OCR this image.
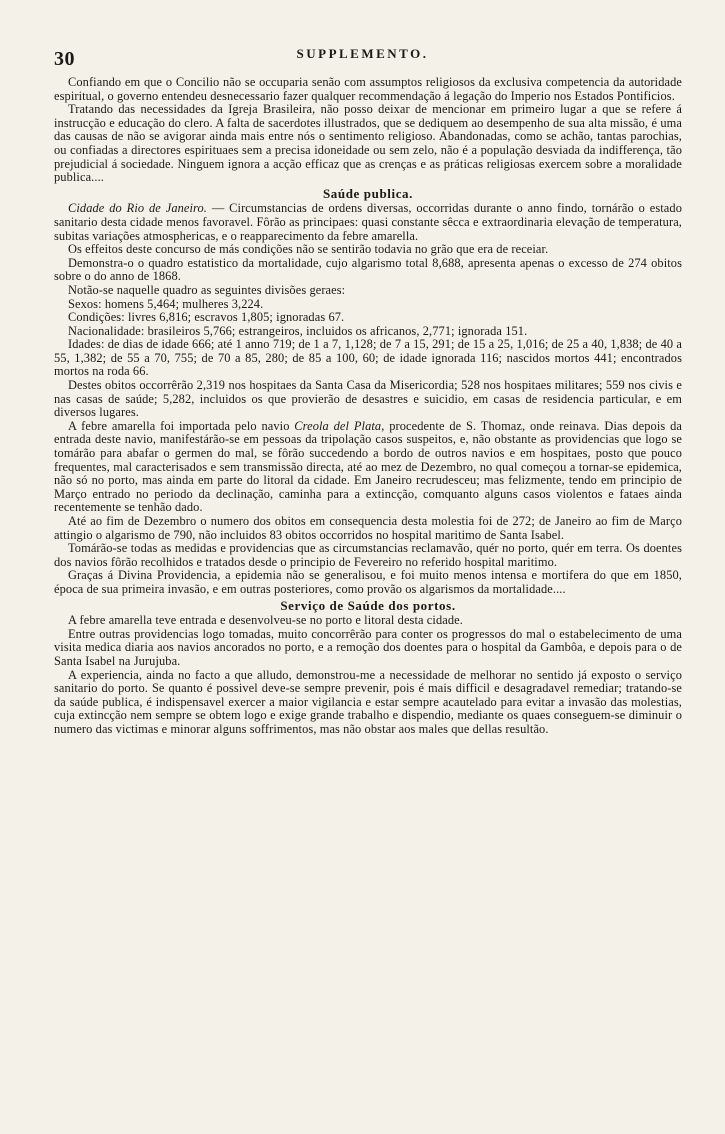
30	SUPPLEMENTO.

Confiando em que o Concilio não se occuparia senão com assumptos religiosos da exclusiva competencia da autoridade espiritual, o governo entendeu desnecessario fazer qualquer recommendação á legação do Imperio nos Estados Pontificios.

Tratando das necessidades da Igreja Brasileira, não posso deixar de mencionar em primeiro lugar a que se refere á instrucção e educação do clero. A falta de sacerdotes illustrados, que se dediquem ao desempenho de sua alta missão, é uma das causas de não se avigorar ainda mais entre nós o sentimento religioso. Abandonadas, como se achão, tantas parochias, ou confiadas a directores espirituaes sem a precisa idoneidade ou sem zelo, não é a população desviada da indifferença, tão prejudicial á sociedade. Ninguem ignora a acção efficaz que as crenças e as práticas religiosas exercem sobre a moralidade publica....

Saúde publica.

Cidade do Rio de Janeiro. — Circumstancias de ordens diversas, occorridas durante o anno findo, tornárão o estado sanitario desta cidade menos favoravel. Fôrão as principaes: quasi constante sêcca e extraordinaria elevação de temperatura, subitas variações atmosphericas, e o reapparecimento da febre amarella.

Os effeitos deste concurso de más condições não se sentirão todavia no grão que era de receiar.

Demonstra-o o quadro estatistico da mortalidade, cujo algarismo total 8,688, apresenta apenas o excesso de 274 obitos sobre o do anno de 1868.

Notão-se naquelle quadro as seguintes divisões geraes:

Sexos: homens 5,464; mulheres 3,224.

Condições: livres 6,816; escravos 1,805; ignoradas 67.

Nacionalidade: brasileiros 5,766; estrangeiros, incluidos os africanos, 2,771; ignorada 151.

Idades: de dias de idade 666; até 1 anno 719; de 1 a 7, 1,128; de 7 a 15, 291; de 15 a 25, 1,016; de 25 a 40, 1,838; de 40 a 55, 1,382; de 55 a 70, 755; de 70 a 85, 280; de 85 a 100, 60; de idade ignorada 116; nascidos mortos 441; encontrados mortos na roda 66.

Destes obitos occorrêrão 2,319 nos hospitaes da Santa Casa da Misericordia; 528 nos hospitaes militares; 559 nos civis e nas casas de saúde; 5,282, incluidos os que provierão de desastres e suicidio, em casas de residencia particular, e em diversos lugares.

A febre amarella foi importada pelo navio Creola del Plata, procedente de S. Thomaz, onde reinava. Dias depois da entrada deste navio, manifestárão-se em pessoas da tripolação casos suspeitos, e, não obstante as providencias que logo se tomárão para abafar o germen do mal, se fôrão succedendo a bordo de outros navios e em hospitaes, posto que pouco frequentes, mal caracterisados e sem transmissão directa, até ao mez de Dezembro, no qual começou a tornar-se epidemica, não só no porto, mas ainda em parte do litoral da cidade. Em Janeiro recrudesceu; mas felizmente, tendo em principio de Março entrado no periodo da declinação, caminha para a extincção, comquanto alguns casos violentos e fataes ainda recentemente se tenhão dado.

Até ao fim de Dezembro o numero dos obitos em consequencia desta molestia foi de 272; de Janeiro ao fim de Março attingio o algarismo de 790, não incluidos 83 obitos occorridos no hospital maritimo de Santa Isabel.

Tomárão-se todas as medidas e providencias que as circumstancias reclamavão, quér no porto, quér em terra. Os doentes dos navios fôrão recolhidos e tratados desde o principio de Fevereiro no referido hospital maritimo.

Graças á Divina Providencia, a epidemia não se generalisou, e foi muito menos intensa e mortifera do que em 1850, época de sua primeira invasão, e em outras posteriores, como provão os algarismos da mortalidade....

Serviço de Saúde dos portos.

A febre amarella teve entrada e desenvolveu-se no porto e litoral desta cidade.

Entre outras providencias logo tomadas, muito concorrêrão para conter os progressos do mal o estabelecimento de uma visita medica diaria aos navios ancorados no porto, e a remoção dos doentes para o hospital da Gambôa, e depois para o de Santa Isabel na Jurujuba.

A experiencia, ainda no facto a que alludo, demonstrou-me a necessidade de melhorar no sentido já exposto o serviço sanitario do porto. Se quanto é possivel deve-se sempre prevenir, pois é mais difficil e desagradavel remediar; tratando-se da saúde publica, é indispensavel exercer a maior vigilancia e estar sempre acautelado para evitar a invasão das molestias, cuja extincção nem sempre se obtem logo e exige grande trabalho e dispendio, mediante os quaes conseguem-se diminuir o numero das victimas e minorar alguns soffrimentos, mas não obstar aos males que dellas resultão.
